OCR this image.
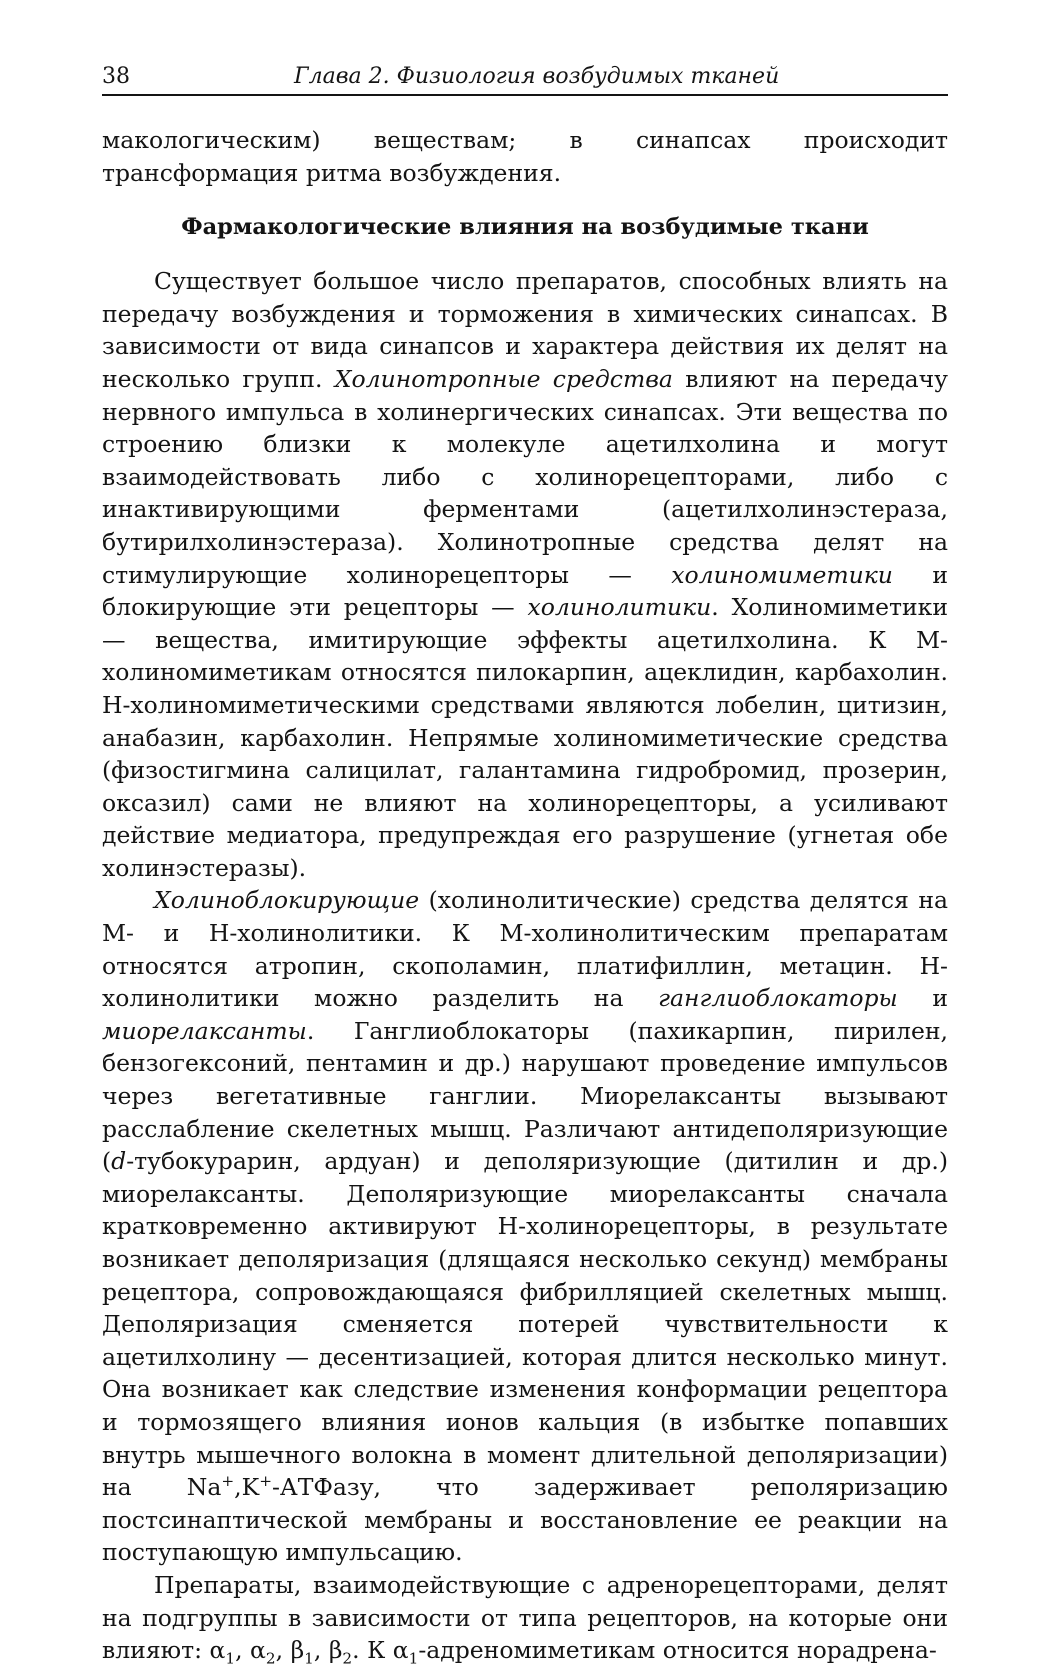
38	Глава 2. Физиология возбудимых тканей

макологическим) веществам; в синапсах происходит трансформация ритма возбуждения.

Фармакологические влияния на возбудимые ткани

Существует большое число препаратов, способных влиять на передачу возбуждения и торможения в химических синапсах. В зависимости от вида синапсов и характера действия их делят на несколько групп. Холинотропные средства влияют на передачу нервного импульса в холинергических синапсах. Эти вещества по строению близки к молекуле ацетилхолина и могут взаимодействовать либо с холинорецепторами, либо с инактивирующими ферментами (ацетилхолинэстераза, бутирилхолинэстераза). Холинотропные средства делят на стимулирующие холинорецепторы — холиномиметики и блокирующие эти рецепторы — холинолитики. Холиномиметики — вещества, имитирующие эффекты ацетилхолина. К М-холиномиметикам относятся пилокарпин, ацеклидин, карбахолин. Н-холиномиметическими средствами являются лобелин, цитизин, анабазин, карбахолин. Непрямые холиномиметические средства (физостигмина салицилат, галантамина гидробромид, прозерин, оксазил) сами не влияют на холинорецепторы, а усиливают действие медиатора, предупреждая его разрушение (угнетая обе холинэстеразы).

Холиноблокирующие (холинолитические) средства делятся на М- и Н-холинолитики. К М-холинолитическим препаратам относятся атропин, скополамин, платифиллин, метацин. Н-холинолитики можно разделить на ганглиоблокаторы и миорелаксанты. Ганглиоблокаторы (пахикарпин, пирилен, бензогексоний, пентамин и др.) нарушают проведение импульсов через вегетативные ганглии. Миорелаксанты вызывают расслабление скелетных мышц. Различают антидеполяризующие (d-тубокурарин, ардуан) и деполяризующие (дитилин и др.) миорелаксанты. Деполяризующие миорелаксанты сначала кратковременно активируют Н-холинорецепторы, в результате возникает деполяризация (длящаяся несколько секунд) мембраны рецептора, сопровождающаяся фибрилляцией скелетных мышц. Деполяризация сменяется потерей чувствительности к ацетилхолину — десентизацией, которая длится несколько минут. Она возникает как следствие изменения конформации рецептора и тормозящего влияния ионов кальция (в избытке попавших внутрь мышечного волокна в момент длительной деполяризации) на Na+,K+-АТФазу, что задерживает реполяризацию постсинаптической мембраны и восстановление ее реакции на поступающую импульсацию.

Препараты, взаимодействующие с адренорецепторами, делят на подгруппы в зависимости от типа рецепторов, на которые они влияют: $\alpha_1$, $\alpha_2$, $\beta_1$, $\beta_2$. К $\alpha_1$-адреномиметикам относится норадрена-
